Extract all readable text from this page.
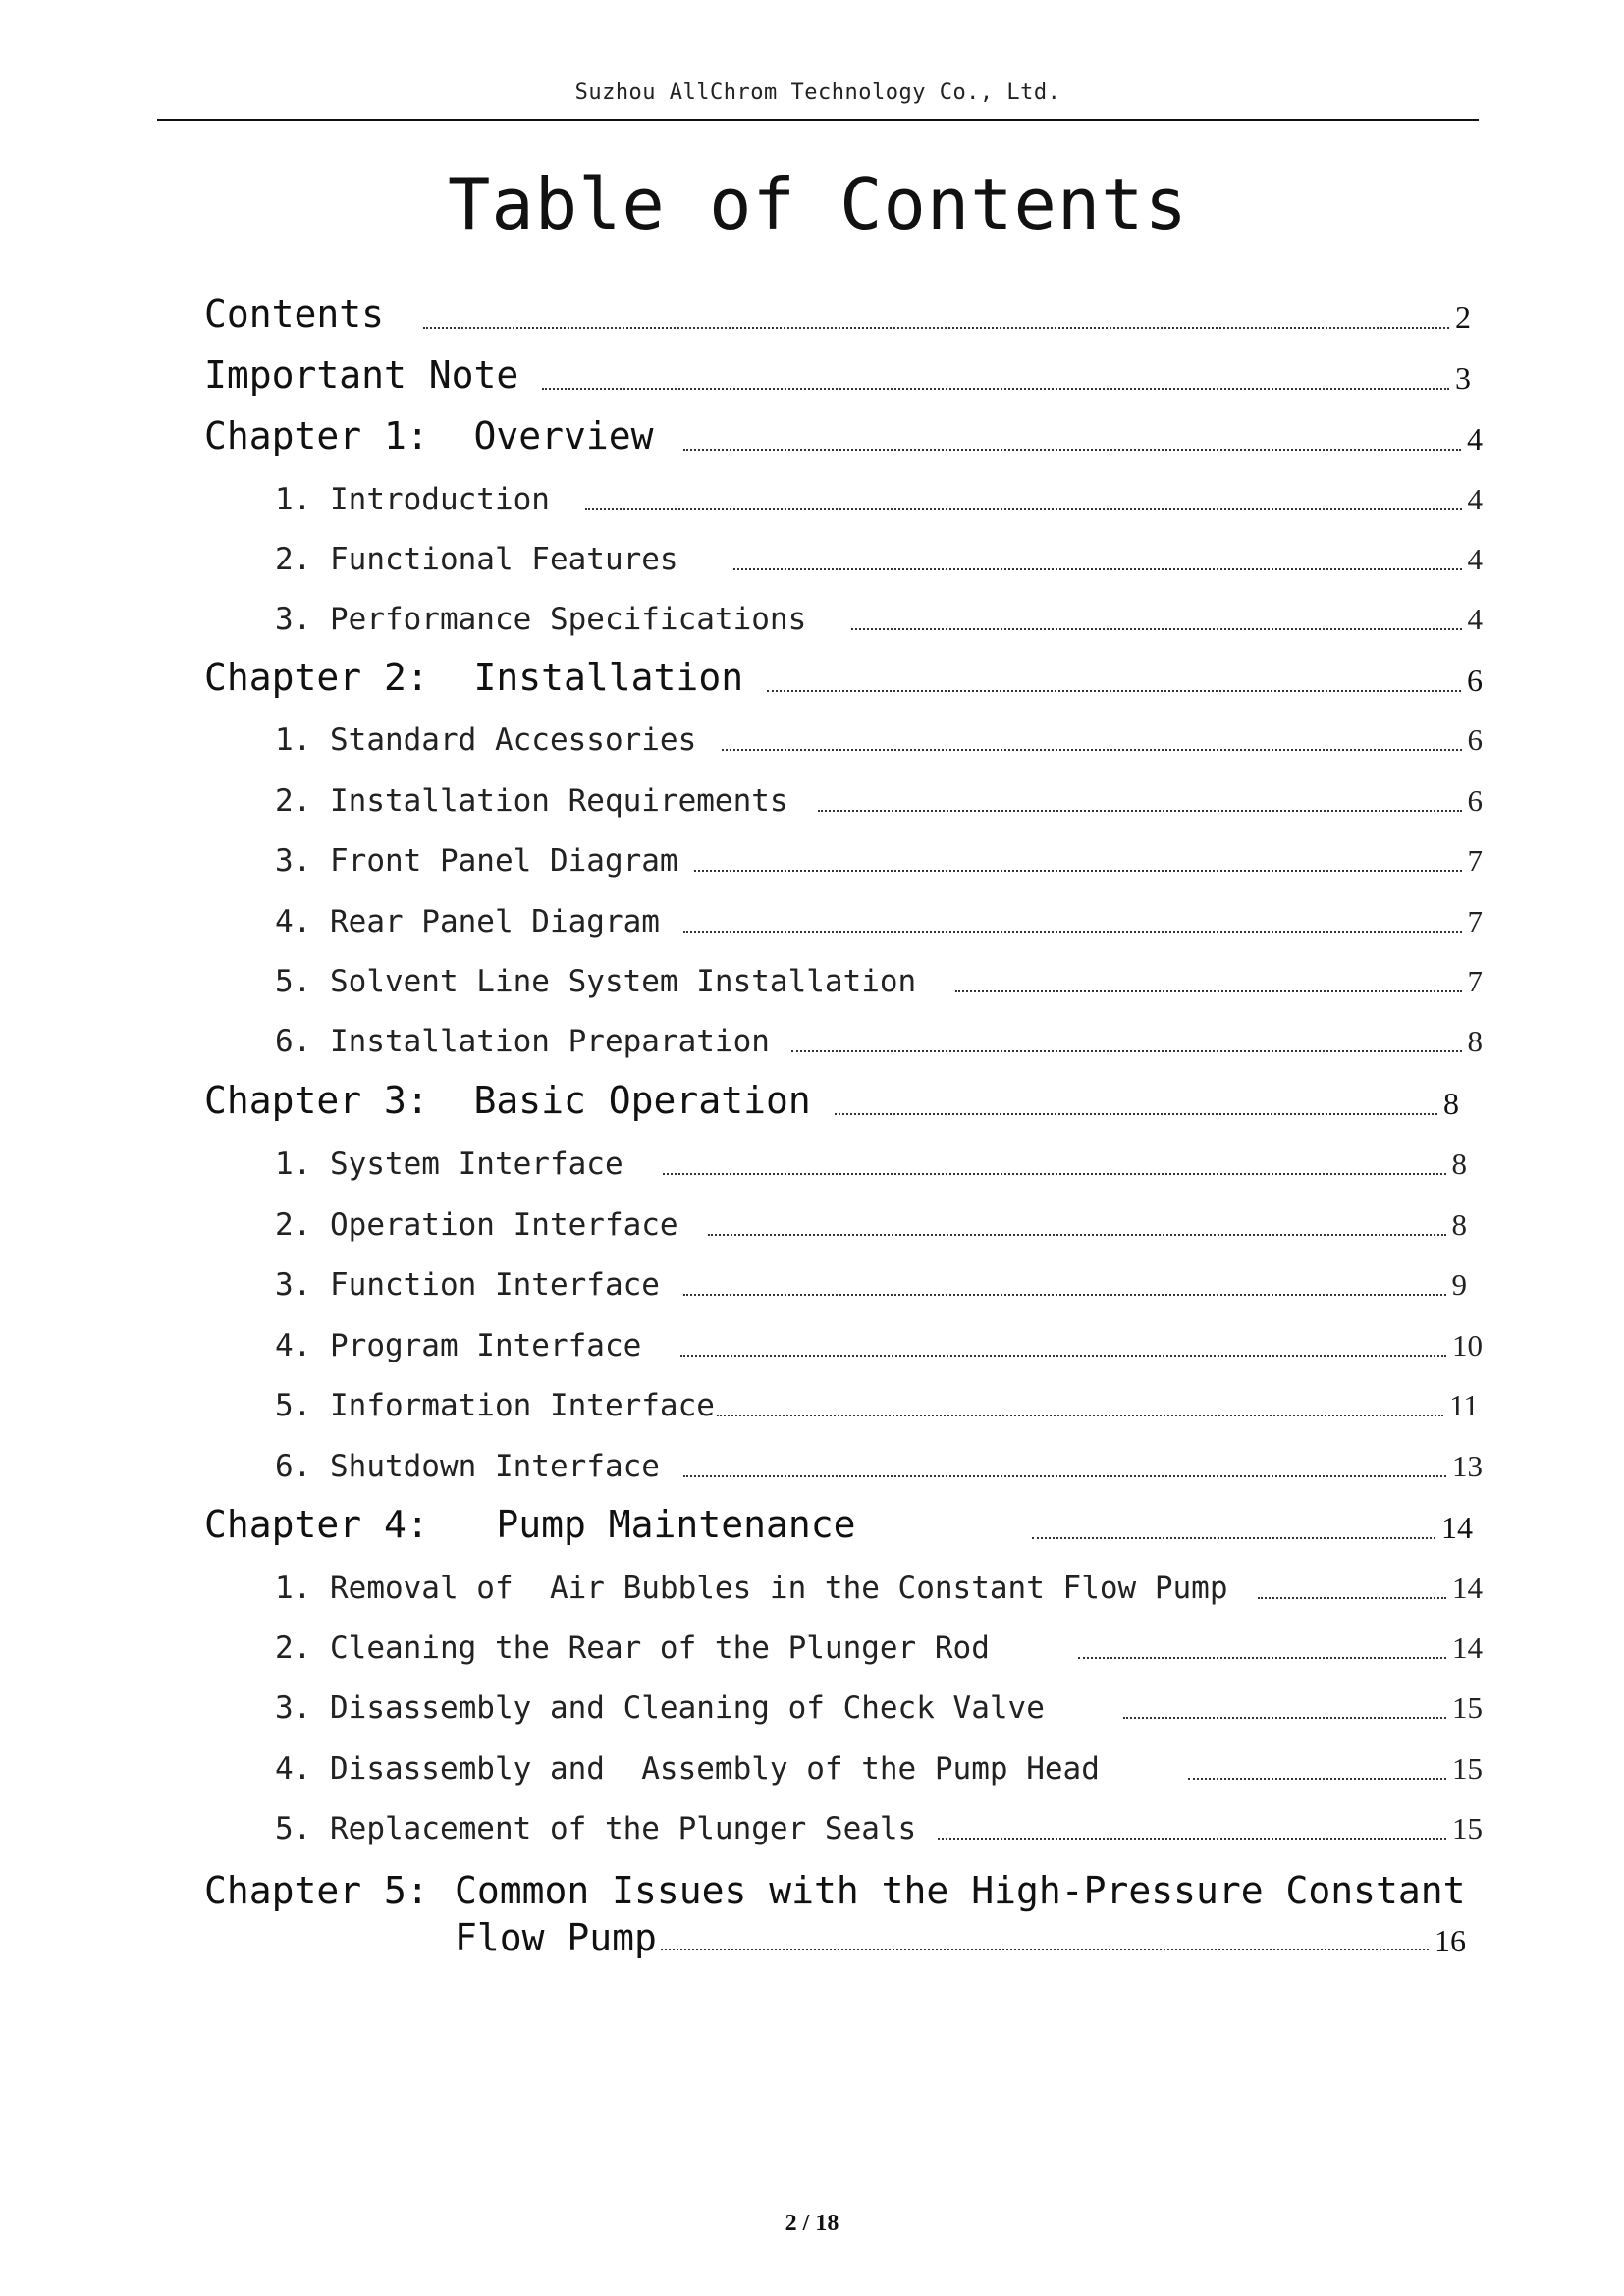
Suzhou AllChrom Technology Co., Ltd.
Table of Contents
Contents	2
Important Note	3
Chapter 1:  Overview	4
1. Introduction	4
2. Functional Features	4
3. Performance Specifications	4
Chapter 2:  Installation	6
1. Standard Accessories	6
2. Installation Requirements	6
3. Front Panel Diagram	7
4. Rear Panel Diagram	7
5. Solvent Line System Installation	7
6. Installation Preparation	8
Chapter 3:  Basic Operation	8
1. System Interface	8
2. Operation Interface	8
3. Function Interface	9
4. Program Interface	10
5. Information Interface	11
6. Shutdown Interface	13
Chapter 4:   Pump Maintenance	14
1. Removal of  Air Bubbles in the Constant Flow Pump	14
2. Cleaning the Rear of the Plunger Rod	14
3. Disassembly and Cleaning of Check Valve	15
4. Disassembly and  Assembly of the Pump Head	15
5. Replacement of the Plunger Seals	15
Chapter 5: Common Issues with the High-Pressure Constant
Flow Pump	16
2 / 18
